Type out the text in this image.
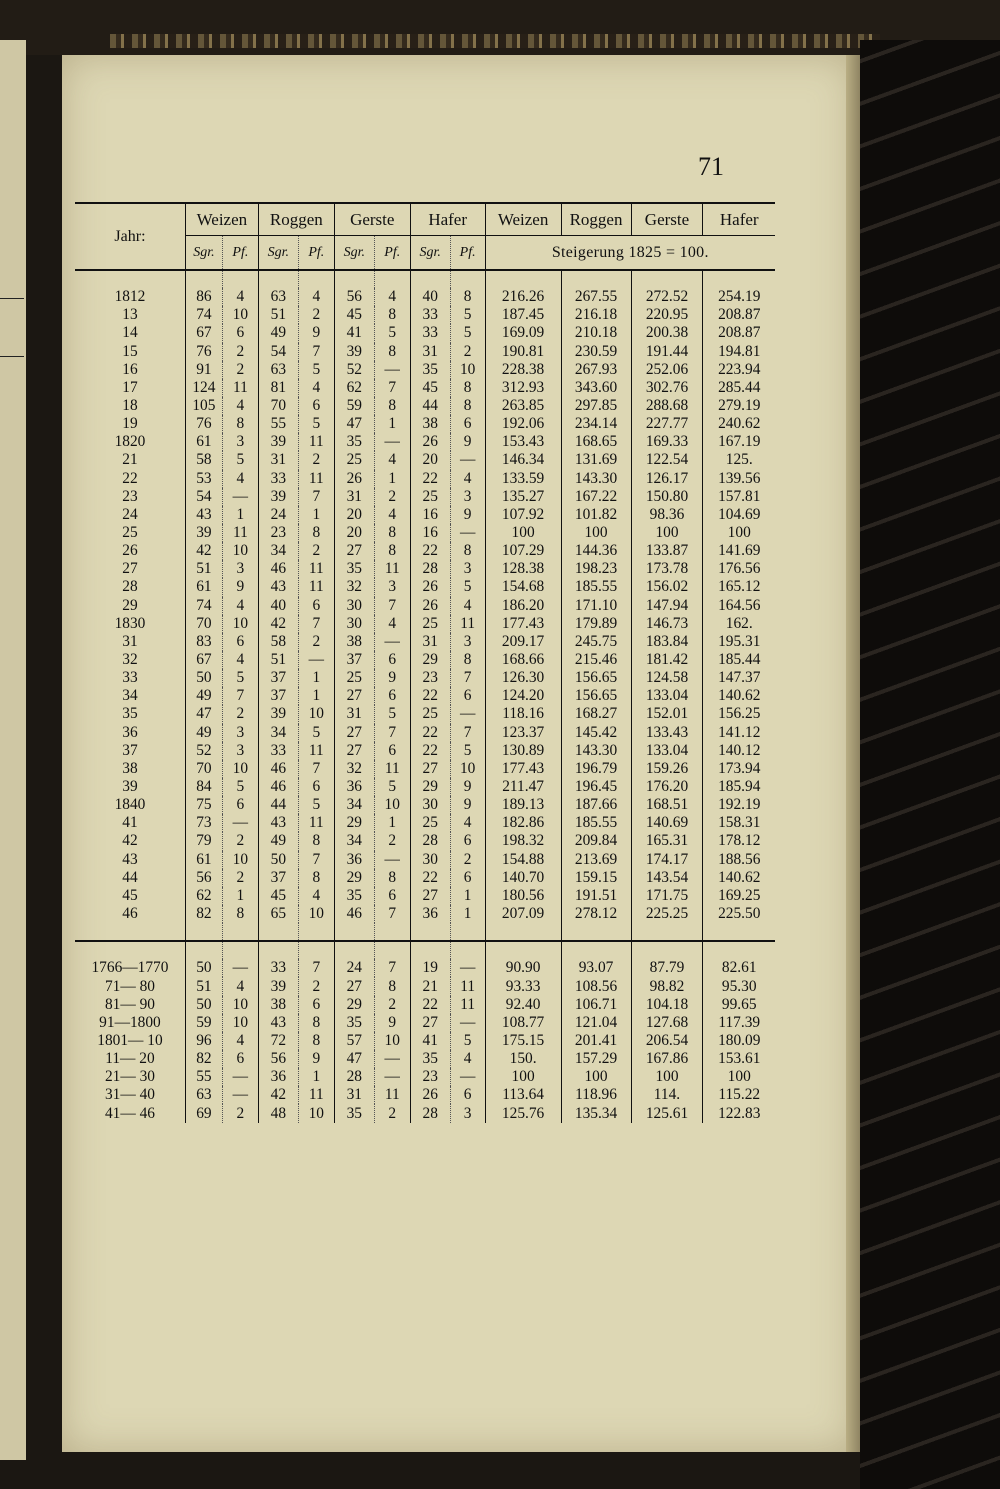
71
Jahr:	Weizen		Roggen		Gerste		Hafer		Weizen	Roggen	Gerste	Hafer
	Sgr.	Pf.	Sgr.	Pf.	Sgr.	Pf.	Sgr.	Pf.	Steigerung 1825 = 100.			

1812	86	4	63	4	56	4	40	8	216.26	267.55	272.52	254.19
13	74	10	51	2	45	8	33	5	187.45	216.18	220.95	208.87
14	67	6	49	9	41	5	33	5	169.09	210.18	200.38	208.87
15	76	2	54	7	39	8	31	2	190.81	230.59	191.44	194.81
16	91	2	63	5	52	—	35	10	228.38	267.93	252.06	223.94
17	124	11	81	4	62	7	45	8	312.93	343.60	302.76	285.44
18	105	4	70	6	59	8	44	8	263.85	297.85	288.68	279.19
19	76	8	55	5	47	1	38	6	192.06	234.14	227.77	240.62
1820	61	3	39	11	35	—	26	9	153.43	168.65	169.33	167.19
21	58	5	31	2	25	4	20	—	146.34	131.69	122.54	125.
22	53	4	33	11	26	1	22	4	133.59	143.30	126.17	139.56
23	54	—	39	7	31	2	25	3	135.27	167.22	150.80	157.81
24	43	1	24	1	20	4	16	9	107.92	101.82	98.36	104.69
25	39	11	23	8	20	8	16	—	100	100	100	100
26	42	10	34	2	27	8	22	8	107.29	144.36	133.87	141.69
27	51	3	46	11	35	11	28	3	128.38	198.23	173.78	176.56
28	61	9	43	11	32	3	26	5	154.68	185.55	156.02	165.12
29	74	4	40	6	30	7	26	4	186.20	171.10	147.94	164.56
1830	70	10	42	7	30	4	25	11	177.43	179.89	146.73	162.
31	83	6	58	2	38	—	31	3	209.17	245.75	183.84	195.31
32	67	4	51	—	37	6	29	8	168.66	215.46	181.42	185.44
33	50	5	37	1	25	9	23	7	126.30	156.65	124.58	147.37
34	49	7	37	1	27	6	22	6	124.20	156.65	133.04	140.62
35	47	2	39	10	31	5	25	—	118.16	168.27	152.01	156.25
36	49	3	34	5	27	7	22	7	123.37	145.42	133.43	141.12
37	52	3	33	11	27	6	22	5	130.89	143.30	133.04	140.12
38	70	10	46	7	32	11	27	10	177.43	196.79	159.26	173.94
39	84	5	46	6	36	5	29	9	211.47	196.45	176.20	185.94
1840	75	6	44	5	34	10	30	9	189.13	187.66	168.51	192.19
41	73	—	43	11	29	1	25	4	182.86	185.55	140.69	158.31
42	79	2	49	8	34	2	28	6	198.32	209.84	165.31	178.12
43	61	10	50	7	36	—	30	2	154.88	213.69	174.17	188.56
44	56	2	37	8	29	8	22	6	140.70	159.15	143.54	140.62
45	62	1	45	4	35	6	27	1	180.56	191.51	171.75	169.25
46	82	8	65	10	46	7	36	1	207.09	278.12	225.25	225.50

1766—1770	50	—	33	7	24	7	19	—	90.90	93.07	87.79	82.61
71— 80	51	4	39	2	27	8	21	11	93.33	108.56	98.82	95.30
81— 90	50	10	38	6	29	2	22	11	92.40	106.71	104.18	99.65
91—1800	59	10	43	8	35	9	27	—	108.77	121.04	127.68	117.39
1801— 10	96	4	72	8	57	10	41	5	175.15	201.41	206.54	180.09
11— 20	82	6	56	9	47	—	35	4	150.	157.29	167.86	153.61
21— 30	55	—	36	1	28	—	23	—	100	100	100	100
31— 40	63	—	42	11	31	11	26	6	113.64	118.96	114.	115.22
41— 46	69	2	48	10	35	2	28	3	125.76	135.34	125.61	122.83
